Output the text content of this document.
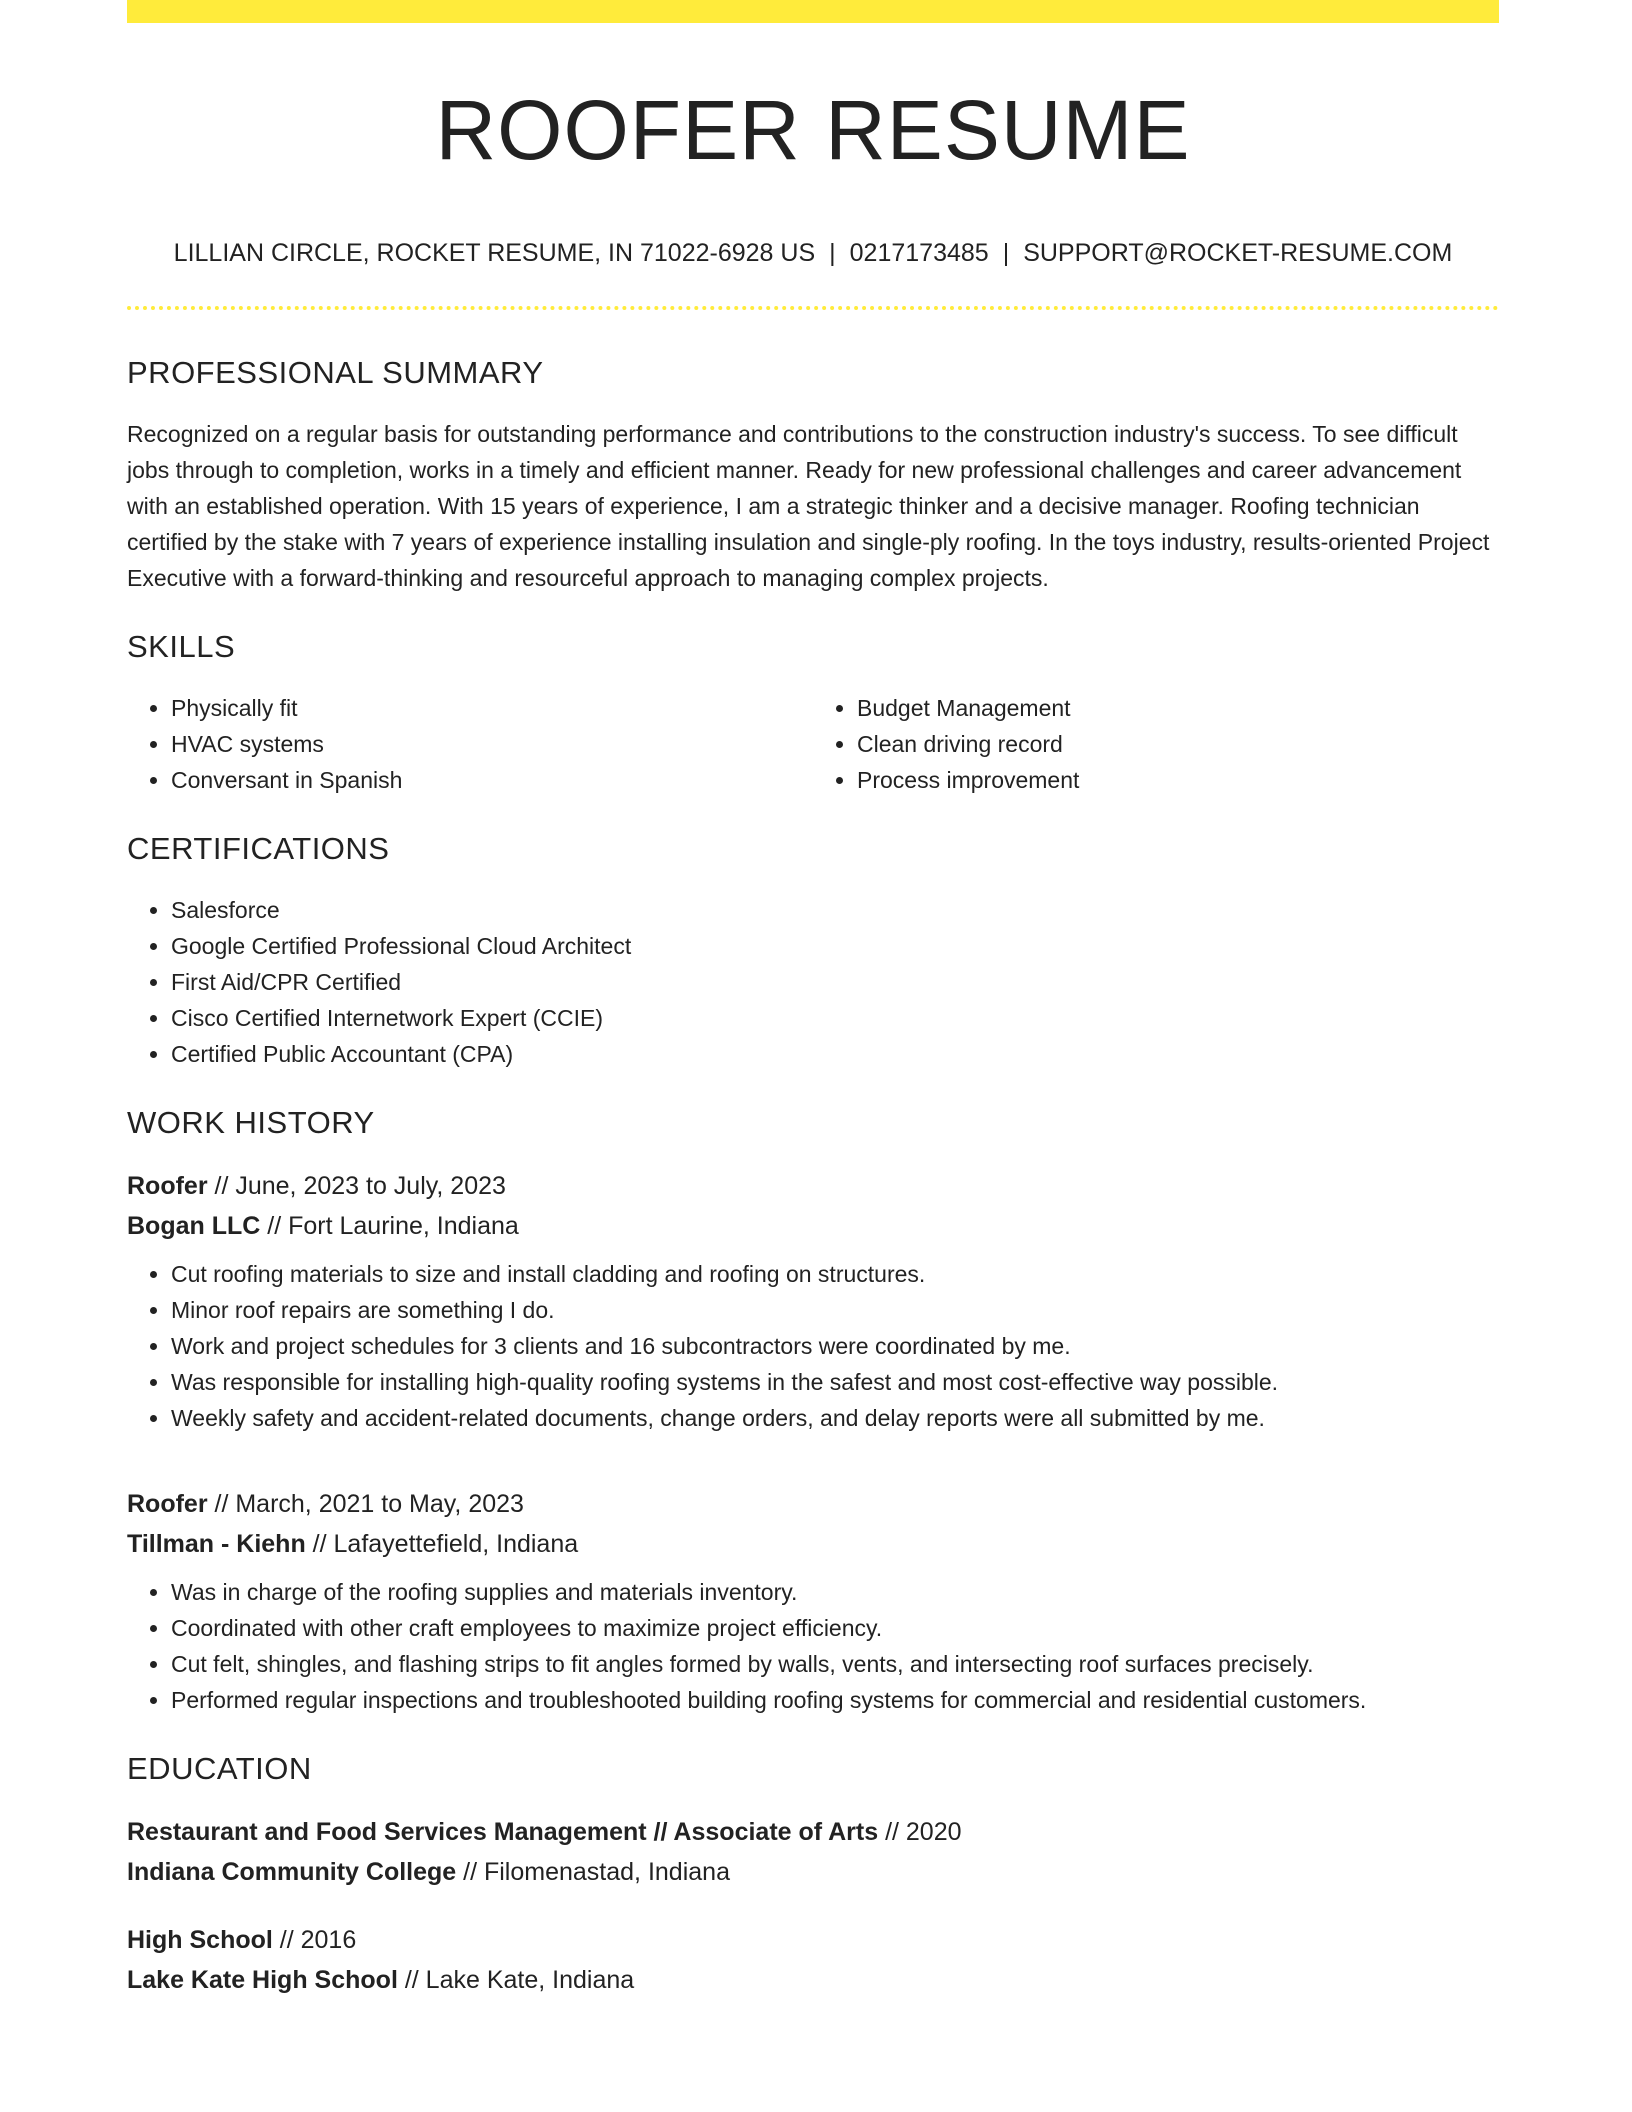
ROOFER RESUME
LILLIAN CIRCLE, ROCKET RESUME, IN 71022-6928 US | 0217173485 | SUPPORT@ROCKET-RESUME.COM
PROFESSIONAL SUMMARY

Recognized on a regular basis for outstanding performance and contributions to the construction industry's success. To see difficult jobs through to completion, works in a timely and efficient manner. Ready for new professional challenges and career advancement with an established operation. With 15 years of experience, I am a strategic thinker and a decisive manager. Roofing technician certified by the stake with 7 years of experience installing insulation and single-ply roofing. In the toys industry, results-oriented Project Executive with a forward-thinking and resourceful approach to managing complex projects.

SKILLS
• Physically fit
• HVAC systems
• Conversant in Spanish
• Budget Management
• Clean driving record
• Process improvement
CERTIFICATIONS
• Salesforce
• Google Certified Professional Cloud Architect
• First Aid/CPR Certified
• Cisco Certified Internetwork Expert (CCIE)
• Certified Public Accountant (CPA)
WORK HISTORY
Roofer // June, 2023 to July, 2023
Bogan LLC // Fort Laurine, Indiana
• Cut roofing materials to size and install cladding and roofing on structures.
• Minor roof repairs are something I do.
• Work and project schedules for 3 clients and 16 subcontractors were coordinated by me.
• Was responsible for installing high-quality roofing systems in the safest and most cost-effective way possible.
• Weekly safety and accident-related documents, change orders, and delay reports were all submitted by me.
Roofer // March, 2021 to May, 2023
Tillman - Kiehn // Lafayettefield, Indiana
• Was in charge of the roofing supplies and materials inventory.
• Coordinated with other craft employees to maximize project efficiency.
• Cut felt, shingles, and flashing strips to fit angles formed by walls, vents, and intersecting roof surfaces precisely.
• Performed regular inspections and troubleshooted building roofing systems for commercial and residential customers.
EDUCATION
Restaurant and Food Services Management // Associate of Arts // 2020
Indiana Community College // Filomenastad, Indiana
High School // 2016
Lake Kate High School // Lake Kate, Indiana
